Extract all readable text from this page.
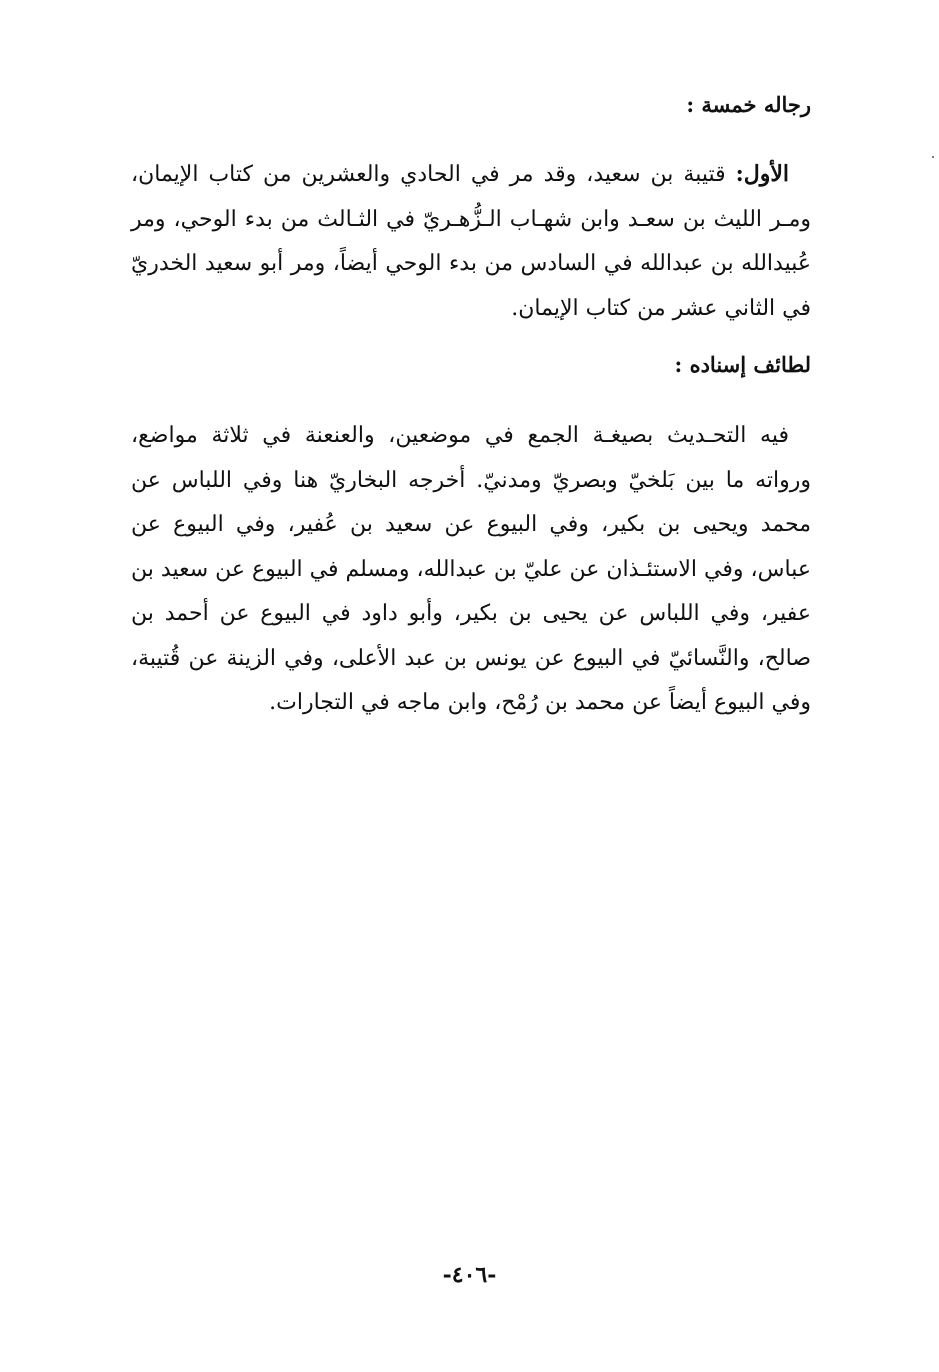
رجاله خمسة :

الأول: قتيبة بن سعيد، وقد مر في الحادي والعشرين من كتاب الإيمان، ومـر الليث بن سعـد وابن شهـاب الـزُّهـريّ في الثـالث من بدء الوحي، ومر عُبيدالله بن عبدالله في السادس من بدء الوحي أيضاً، ومر أبو سعيد الخدريّ في الثاني عشر من كتاب الإيمان.

لطائف إسناده :

فيه التحـديث بصيغـة الجمع في موضعين، والعنعنة في ثلاثة مواضع، ورواته ما بين بَلخيّ وبصريّ ومدنيّ. أخرجه البخاريّ هنا وفي اللباس عن محمد ويحيى بن بكير، وفي البيوع عن سعيد بن عُفير، وفي البيوع عن عباس، وفي الاستئـذان عن عليّ بن عبدالله، ومسلم في البيوع عن سعيد بن عفير، وفي اللباس عن يحيى بن بكير، وأبو داود في البيوع عن أحمد بن صالح، والنَّسائيّ في البيوع عن يونس بن عبد الأعلى، وفي الزينة عن قُتيبة، وفي البيوع أيضاً عن محمد بن رُمْح، وابن ماجه في التجارات.

-٤٠٦-
